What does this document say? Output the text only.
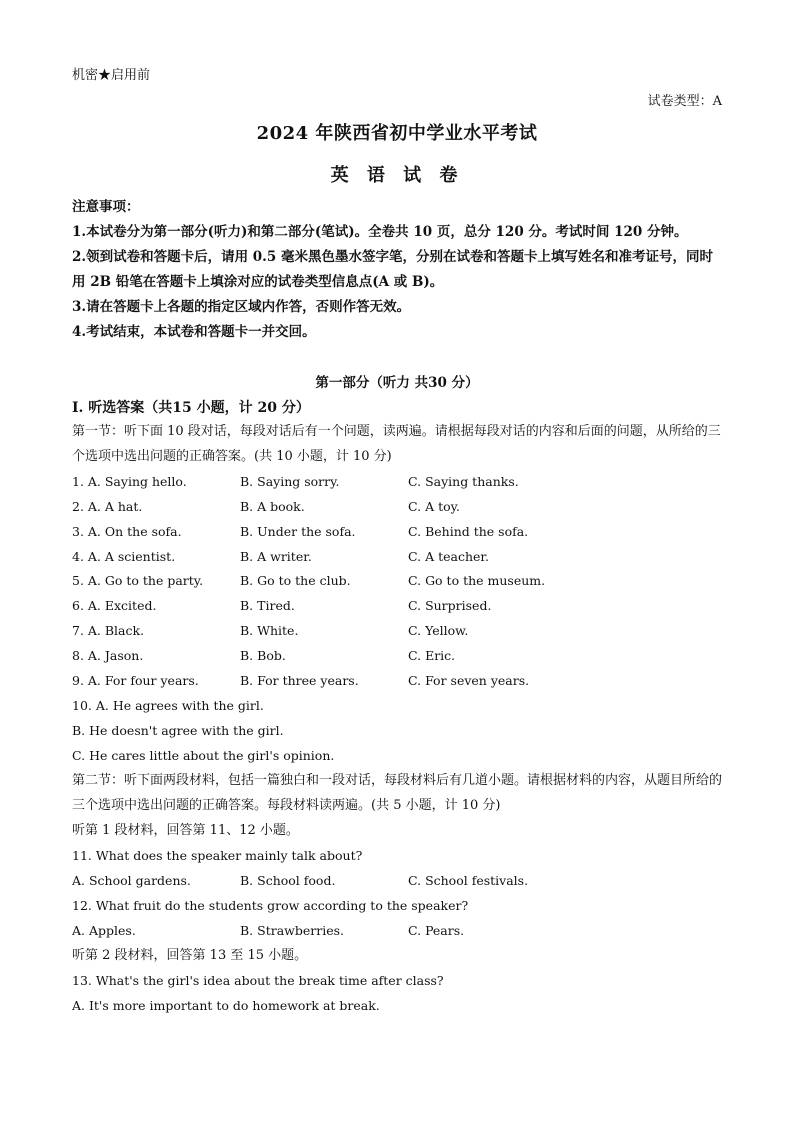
机密★启用前
试卷类型：A
2024 年陕西省初中学业水平考试
英 语 试 卷

注意事项：

1.本试卷分为第一部分(听力)和第二部分(笔试)。全卷共 10 页，总分 120 分。考试时间 120 分钟。

2.领到试卷和答题卡后，请用 0.5 毫米黑色墨水签字笔，分别在试卷和答题卡上填写姓名和准考证号，同时用 2B 铅笔在答题卡上填涂对应的试卷类型信息点(A 或 B)。

3.请在答题卡上各题的指定区域内作答，否则作答无效。

4.考试结束，本试卷和答题卡一并交回。

第一部分（听力 共30 分）
Ⅰ. 听选答案（共15 小题，计 20 分）
第一节：听下面 10 段对话，每段对话后有一个问题，读两遍。请根据每段对话的内容和后面的问题，从所给的三个选项中选出问题的正确答案。(共 10 小题，计 10 分)
1. A. Saying hello.	B. Saying sorry.	C. Saying thanks.
2. A. A hat.	B. A book.	C. A toy.
3. A. On the sofa.	B. Under the sofa.	C. Behind the sofa.
4. A. A scientist.	B. A writer.	C. A teacher.
5. A. Go to the party.	B. Go to the club.	C. Go to the museum.
6. A. Excited.	B. Tired.	C. Surprised.
7. A. Black.	B. White.	C. Yellow.
8. A. Jason.	B. Bob.	C. Eric.
9. A. For four years.	B. For three years.	C. For seven years.
10. A. He agrees with the girl.
B. He doesn't agree with the girl.
C. He cares little about the girl's opinion.
第二节：听下面两段材料，包括一篇独白和一段对话，每段材料后有几道小题。请根据材料的内容，从题目所给的三个选项中选出问题的正确答案。每段材料读两遍。(共 5 小题，计 10 分)
听第 1 段材料，回答第 11、12 小题。
11. What does the speaker mainly talk about?
A. School gardens.	B. School food.	C. School festivals.
12. What fruit do the students grow according to the speaker?
A. Apples.	B. Strawberries.	C. Pears.
听第 2 段材料，回答第 13 至 15 小题。
13. What's the girl's idea about the break time after class?
A. It's more important to do homework at break.
